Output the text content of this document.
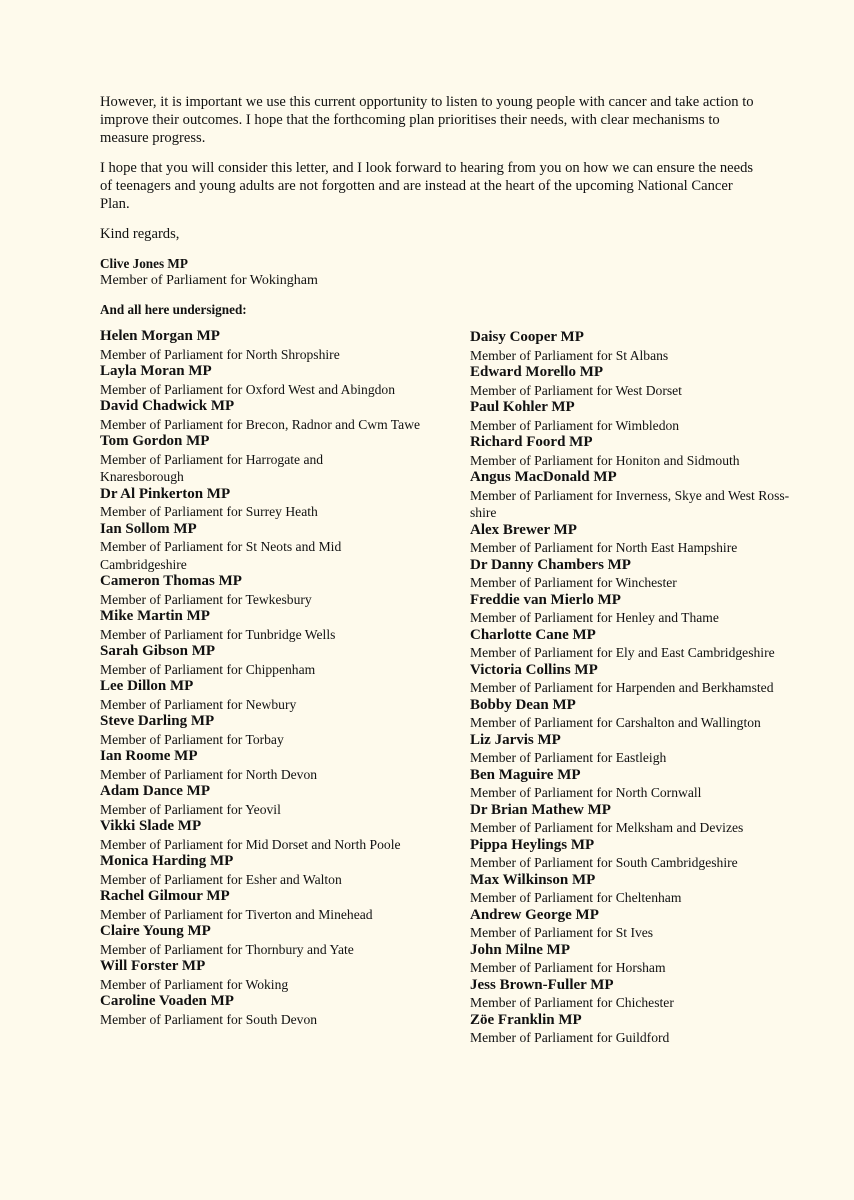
However, it is important we use this current opportunity to listen to young people with cancer and take action to improve their outcomes. I hope that the forthcoming plan prioritises their needs, with clear mechanisms to measure progress.

I hope that you will consider this letter, and I look forward to hearing from you on how we can ensure the needs of teenagers and young adults are not forgotten and are instead at the heart of the upcoming National Cancer Plan.

Kind regards,

Clive Jones MP
Member of Parliament for Wokingham
And all here undersigned:
Helen Morgan MP
Member of Parliament for North Shropshire
Layla Moran MP
Member of Parliament for Oxford West and Abingdon
David Chadwick MP
Member of Parliament for Brecon, Radnor and Cwm Tawe
Tom Gordon MP
Member of Parliament for Harrogate and Knaresborough
Dr Al Pinkerton MP
Member of Parliament for Surrey Heath
Ian Sollom MP
Member of Parliament for St Neots and Mid Cambridgeshire
Cameron Thomas MP
Member of Parliament for Tewkesbury
Mike Martin MP
Member of Parliament for Tunbridge Wells
Sarah Gibson MP
Member of Parliament for Chippenham
Lee Dillon MP
Member of Parliament for Newbury
Steve Darling MP
Member of Parliament for Torbay
Ian Roome MP
Member of Parliament for North Devon
Adam Dance MP
Member of Parliament for Yeovil
Vikki Slade MP
Member of Parliament for Mid Dorset and North Poole
Monica Harding MP
Member of Parliament for Esher and Walton
Rachel Gilmour MP
Member of Parliament for Tiverton and Minehead
Claire Young MP
Member of Parliament for Thornbury and Yate
Will Forster MP
Member of Parliament for Woking
Caroline Voaden MP
Member of Parliament for South Devon
Daisy Cooper MP
Member of Parliament for St Albans
Edward Morello MP
Member of Parliament for West Dorset
Paul Kohler MP
Member of Parliament for Wimbledon
Richard Foord MP
Member of Parliament for Honiton and Sidmouth
Angus MacDonald MP
Member of Parliament for Inverness, Skye and West Ross-shire
Alex Brewer MP
Member of Parliament for North East Hampshire
Dr Danny Chambers MP
Member of Parliament for Winchester
Freddie van Mierlo MP
Member of Parliament for Henley and Thame
Charlotte Cane MP
Member of Parliament for Ely and East Cambridgeshire
Victoria Collins MP
Member of Parliament for Harpenden and Berkhamsted
Bobby Dean MP
Member of Parliament for Carshalton and Wallington
Liz Jarvis MP
Member of Parliament for Eastleigh
Ben Maguire MP
Member of Parliament for North Cornwall
Dr Brian Mathew MP
Member of Parliament for Melksham and Devizes
Pippa Heylings MP
Member of Parliament for South Cambridgeshire
Max Wilkinson MP
Member of Parliament for Cheltenham
Andrew George MP
Member of Parliament for St Ives
John Milne MP
Member of Parliament for Horsham
Jess Brown-Fuller MP
Member of Parliament for Chichester
Zöe Franklin MP
Member of Parliament for Guildford
